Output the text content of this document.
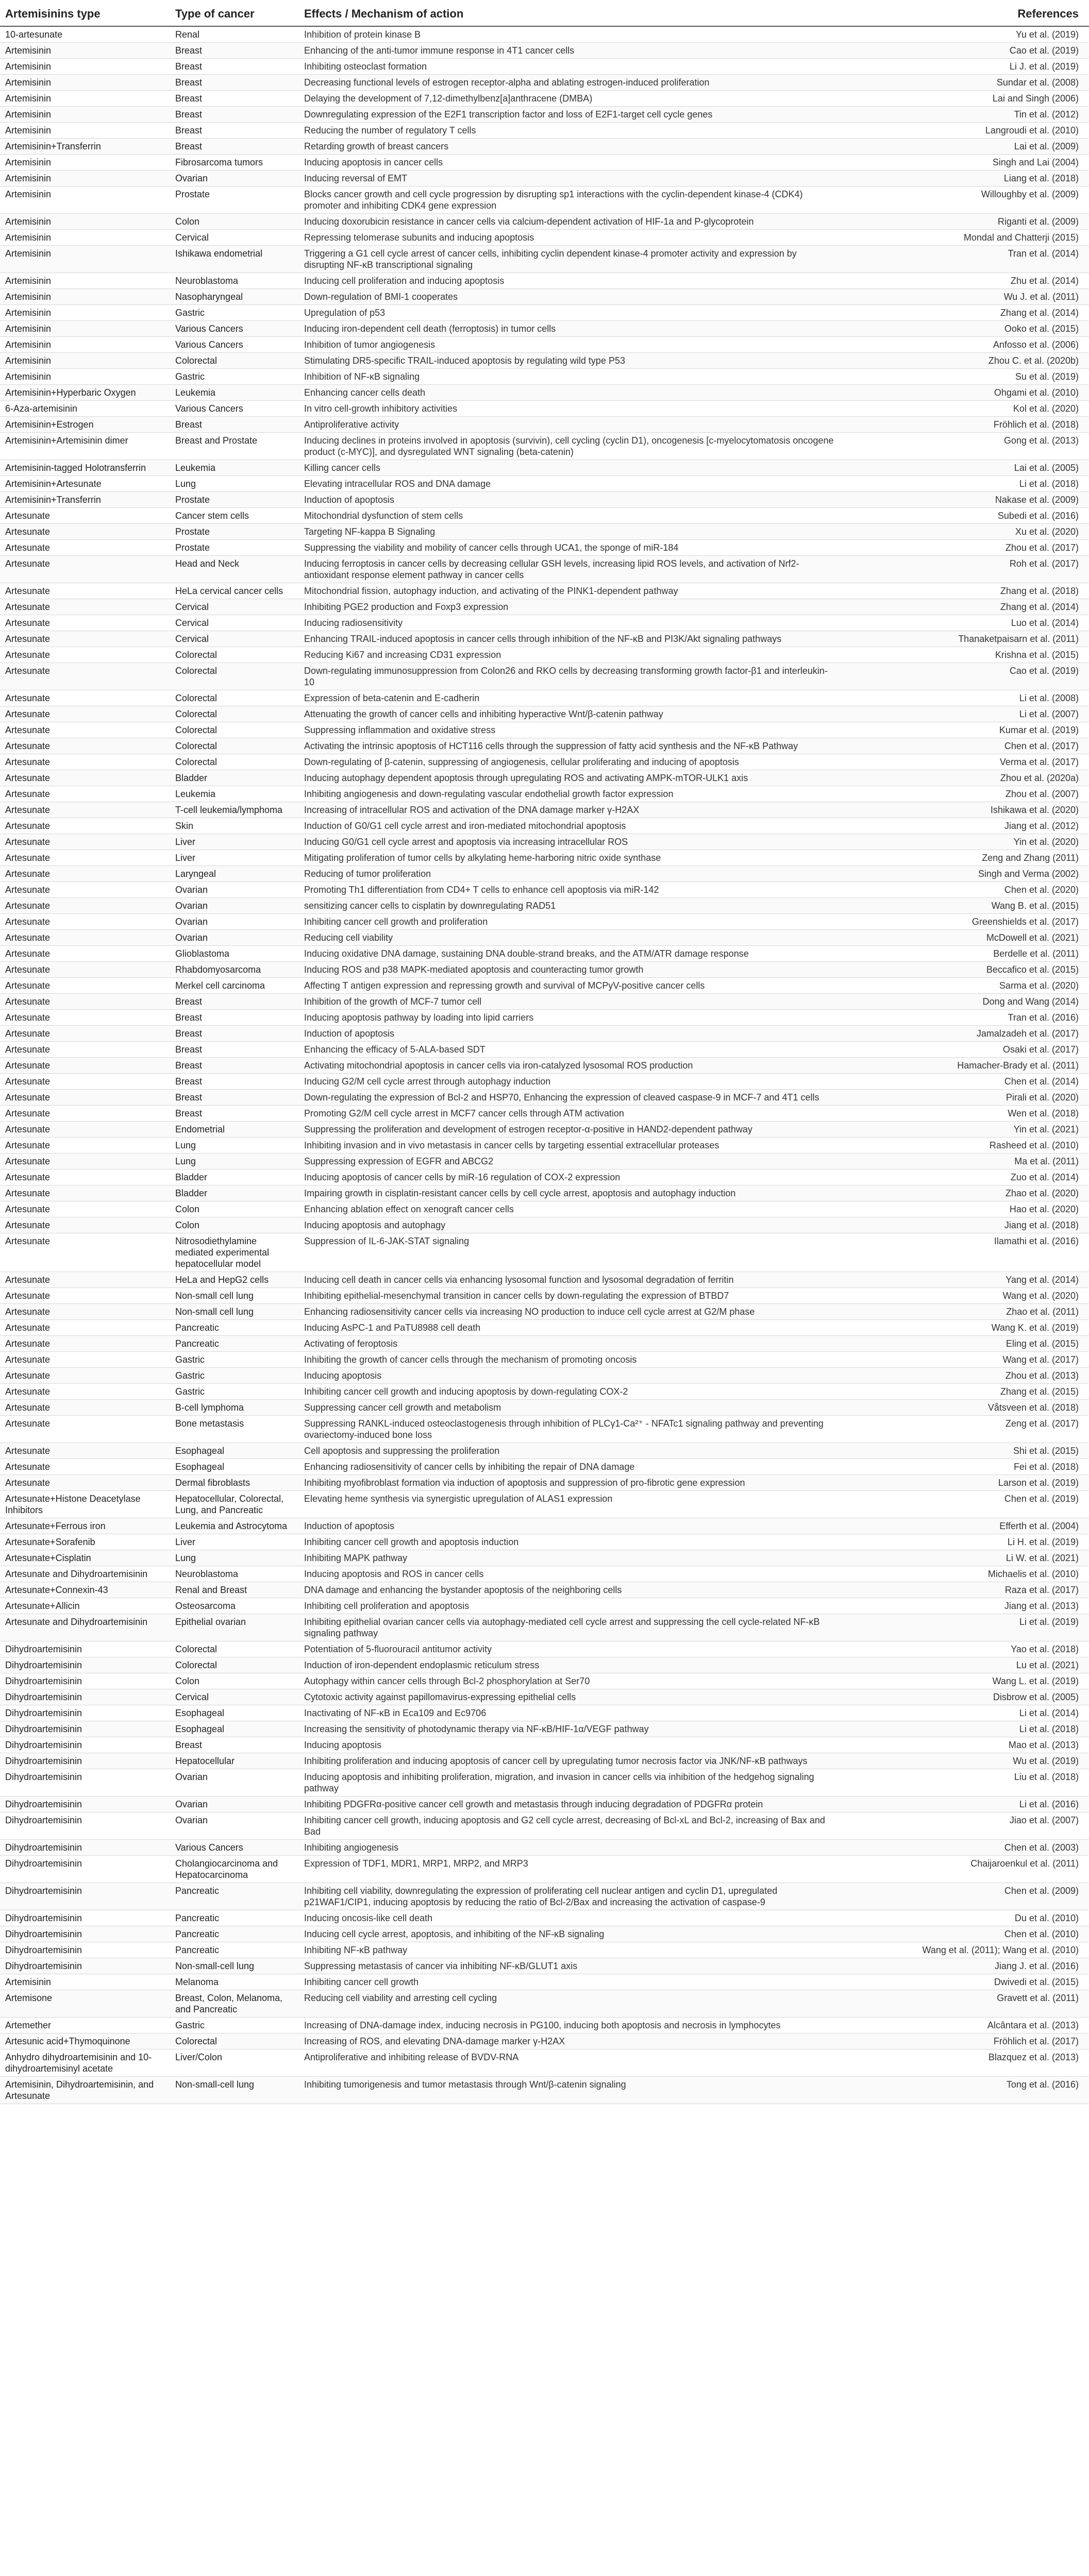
Artemisinins type	Type of cancer	Effects / Mechanism of action	References
10-artesunate	Renal	Inhibition of protein kinase B	Yu et al. (2019)
Artemisinin	Breast	Enhancing of the anti-tumor immune response in 4T1 cancer cells	Cao et al. (2019)
Artemisinin	Breast	Inhibiting osteoclast formation	Li J. et al. (2019)
Artemisinin	Breast	Decreasing functional levels of estrogen receptor-alpha and ablating estrogen-induced proliferation	Sundar et al. (2008)
Artemisinin	Breast	Delaying the development of 7,12-dimethylbenz[a]anthracene (DMBA)	Lai and Singh (2006)
Artemisinin	Breast	Downregulating expression of the E2F1 transcription factor and loss of E2F1-target cell cycle genes	Tin et al. (2012)
Artemisinin	Breast	Reducing the number of regulatory T cells	Langroudi et al. (2010)
Artemisinin+Transferrin	Breast	Retarding growth of breast cancers	Lai et al. (2009)
Artemisinin	Fibrosarcoma tumors	Inducing apoptosis in cancer cells	Singh and Lai (2004)
Artemisinin	Ovarian	Inducing reversal of EMT	Liang et al. (2018)
Artemisinin	Prostate	Blocks cancer growth and cell cycle progression by disrupting sp1 interactions with the cyclin-dependent kinase-4 (CDK4) promoter and inhibiting CDK4 gene expression	Willoughby et al. (2009)
Artemisinin	Colon	Inducing doxorubicin resistance in cancer cells via calcium-dependent activation of HIF-1a and P-glycoprotein	Riganti et al. (2009)
Artemisinin	Cervical	Repressing telomerase subunits and inducing apoptosis	Mondal and Chatterji (2015)
Artemisinin	Ishikawa endometrial	Triggering a G1 cell cycle arrest of cancer cells, inhibiting cyclin dependent kinase-4 promoter activity and expression by disrupting NF-κB transcriptional signaling	Tran et al. (2014)
Artemisinin	Neuroblastoma	Inducing cell proliferation and inducing apoptosis	Zhu et al. (2014)
Artemisinin	Nasopharyngeal	Down-regulation of BMI-1 cooperates	Wu J. et al. (2011)
Artemisinin	Gastric	Upregulation of p53	Zhang et al. (2014)
Artemisinin	Various Cancers	Inducing iron-dependent cell death (ferroptosis) in tumor cells	Ooko et al. (2015)
Artemisinin	Various Cancers	Inhibition of tumor angiogenesis	Anfosso et al. (2006)
Artemisinin	Colorectal	Stimulating DR5-specific TRAIL-induced apoptosis by regulating wild type P53	Zhou C. et al. (2020b)
Artemisinin	Gastric	Inhibition of NF-κB signaling	Su et al. (2019)
Artemisinin+Hyperbaric Oxygen	Leukemia	Enhancing cancer cells death	Ohgami et al. (2010)
6-Aza-artemisinin	Various Cancers	In vitro cell-growth inhibitory activities	Kol et al. (2020)
Artemisinin+Estrogen	Breast	Antiproliferative activity	Fröhlich et al. (2018)
Artemisinin+Artemisinin dimer	Breast and Prostate	Inducing declines in proteins involved in apoptosis (survivin), cell cycling (cyclin D1), oncogenesis [c-myelocytomatosis oncogene product (c-MYC)], and dysregulated WNT signaling (beta-catenin)	Gong et al. (2013)
Artemisinin-tagged Holotransferrin	Leukemia	Killing cancer cells	Lai et al. (2005)
Artemisinin+Artesunate	Lung	Elevating intracellular ROS and DNA damage	Li et al. (2018)
Artemisinin+Transferrin	Prostate	Induction of apoptosis	Nakase et al. (2009)
Artesunate	Cancer stem cells	Mitochondrial dysfunction of stem cells	Subedi et al. (2016)
Artesunate	Prostate	Targeting NF-kappa B Signaling	Xu et al. (2020)
Artesunate	Prostate	Suppressing the viability and mobility of cancer cells through UCA1, the sponge of miR-184	Zhou et al. (2017)
Artesunate	Head and Neck	Inducing ferroptosis in cancer cells by decreasing cellular GSH levels, increasing lipid ROS levels, and activation of Nrf2-antioxidant response element pathway in cancer cells	Roh et al. (2017)
Artesunate	HeLa cervical cancer cells	Mitochondrial fission, autophagy induction, and activating of the PINK1-dependent pathway	Zhang et al. (2018)
Artesunate	Cervical	Inhibiting PGE2 production and Foxp3 expression	Zhang et al. (2014)
Artesunate	Cervical	Inducing radiosensitivity	Luo et al. (2014)
Artesunate	Cervical	Enhancing TRAIL-induced apoptosis in cancer cells through inhibition of the NF-κB and PI3K/Akt signaling pathways	Thanaketpaisarn et al. (2011)
Artesunate	Colorectal	Reducing Ki67 and increasing CD31 expression	Krishna et al. (2015)
Artesunate	Colorectal	Down-regulating immunosuppression from Colon26 and RKO cells by decreasing transforming growth factor-β1 and interleukin-10	Cao et al. (2019)
Artesunate	Colorectal	Expression of beta-catenin and E-cadherin	Li et al. (2008)
Artesunate	Colorectal	Attenuating the growth of cancer cells and inhibiting hyperactive Wnt/β-catenin pathway	Li et al. (2007)
Artesunate	Colorectal	Suppressing inflammation and oxidative stress	Kumar et al. (2019)
Artesunate	Colorectal	Activating the intrinsic apoptosis of HCT116 cells through the suppression of fatty acid synthesis and the NF-κB Pathway	Chen et al. (2017)
Artesunate	Colorectal	Down-regulating of β-catenin, suppressing of angiogenesis, cellular proliferating and inducing of apoptosis	Verma et al. (2017)
Artesunate	Bladder	Inducing autophagy dependent apoptosis through upregulating ROS and activating AMPK-mTOR-ULK1 axis	Zhou et al. (2020a)
Artesunate	Leukemia	Inhibiting angiogenesis and down-regulating vascular endothelial growth factor expression	Zhou et al. (2007)
Artesunate	T-cell leukemia/lymphoma	Increasing of intracellular ROS and activation of the DNA damage marker γ-H2AX	Ishikawa et al. (2020)
Artesunate	Skin	Induction of G0/G1 cell cycle arrest and iron-mediated mitochondrial apoptosis	Jiang et al. (2012)
Artesunate	Liver	Inducing G0/G1 cell cycle arrest and apoptosis via increasing intracellular ROS	Yin et al. (2020)
Artesunate	Liver	Mitigating proliferation of tumor cells by alkylating heme-harboring nitric oxide synthase	Zeng and Zhang (2011)
Artesunate	Laryngeal	Reducing of tumor proliferation	Singh and Verma (2002)
Artesunate	Ovarian	Promoting Th1 differentiation from CD4+ T cells to enhance cell apoptosis via miR-142	Chen et al. (2020)
Artesunate	Ovarian	sensitizing cancer cells to cisplatin by downregulating RAD51	Wang B. et al. (2015)
Artesunate	Ovarian	Inhibiting cancer cell growth and proliferation	Greenshields et al. (2017)
Artesunate	Ovarian	Reducing cell viability	McDowell et al. (2021)
Artesunate	Glioblastoma	Inducing oxidative DNA damage, sustaining DNA double-strand breaks, and the ATM/ATR damage response	Berdelle et al. (2011)
Artesunate	Rhabdomyosarcoma	Inducing ROS and p38 MAPK-mediated apoptosis and counteracting tumor growth	Beccafico et al. (2015)
Artesunate	Merkel cell carcinoma	Affecting T antigen expression and repressing growth and survival of MCPyV-positive cancer cells	Sarma et al. (2020)
Artesunate	Breast	Inhibition of the growth of MCF-7 tumor cell	Dong and Wang (2014)
Artesunate	Breast	Inducing apoptosis pathway by loading into lipid carriers	Tran et al. (2016)
Artesunate	Breast	Induction of apoptosis	Jamalzadeh et al. (2017)
Artesunate	Breast	Enhancing the efficacy of 5-ALA-based SDT	Osaki et al. (2017)
Artesunate	Breast	Activating mitochondrial apoptosis in cancer cells via iron-catalyzed lysosomal ROS production	Hamacher-Brady et al. (2011)
Artesunate	Breast	Inducing G2/M cell cycle arrest through autophagy induction	Chen et al. (2014)
Artesunate	Breast	Down-regulating the expression of Bcl-2 and HSP70, Enhancing the expression of cleaved caspase-9 in MCF-7 and 4T1 cells	Pirali et al. (2020)
Artesunate	Breast	Promoting G2/M cell cycle arrest in MCF7 cancer cells through ATM activation	Wen et al. (2018)
Artesunate	Endometrial	Suppressing the proliferation and development of estrogen receptor-α-positive in HAND2-dependent pathway	Yin et al. (2021)
Artesunate	Lung	Inhibiting invasion and in vivo metastasis in cancer cells by targeting essential extracellular proteases	Rasheed et al. (2010)
Artesunate	Lung	Suppressing expression of EGFR and ABCG2	Ma et al. (2011)
Artesunate	Bladder	Inducing apoptosis of cancer cells by miR-16 regulation of COX-2 expression	Zuo et al. (2014)
Artesunate	Bladder	Impairing growth in cisplatin-resistant cancer cells by cell cycle arrest, apoptosis and autophagy induction	Zhao et al. (2020)
Artesunate	Colon	Enhancing ablation effect on xenograft cancer cells	Hao et al. (2020)
Artesunate	Colon	Inducing apoptosis and autophagy	Jiang et al. (2018)
Artesunate	Nitrosodiethylamine mediated experimental hepatocellular model	Suppression of IL-6-JAK-STAT signaling	Ilamathi et al. (2016)
Artesunate	HeLa and HepG2 cells	Inducing cell death in cancer cells via enhancing lysosomal function and lysosomal degradation of ferritin	Yang et al. (2014)
Artesunate	Non-small cell lung	Inhibiting epithelial-mesenchymal transition in cancer cells by down-regulating the expression of BTBD7	Wang et al. (2020)
Artesunate	Non-small cell lung	Enhancing radiosensitivity cancer cells via increasing NO production to induce cell cycle arrest at G2/M phase	Zhao et al. (2011)
Artesunate	Pancreatic	Inducing AsPC-1 and PaTU8988 cell death	Wang K. et al. (2019)
Artesunate	Pancreatic	Activating of feroptosis	Eling et al. (2015)
Artesunate	Gastric	Inhibiting the growth of cancer cells through the mechanism of promoting oncosis	Wang et al. (2017)
Artesunate	Gastric	Inducing apoptosis	Zhou et al. (2013)
Artesunate	Gastric	Inhibiting cancer cell growth and inducing apoptosis by down-regulating COX-2	Zhang et al. (2015)
Artesunate	B-cell lymphoma	Suppressing cancer cell growth and metabolism	Våtsveen et al. (2018)
Artesunate	Bone metastasis	Suppressing RANKL-induced osteoclastogenesis through inhibition of PLCγ1-Ca²⁺ - NFATc1 signaling pathway and preventing ovariectomy-induced bone loss	Zeng et al. (2017)
Artesunate	Esophageal	Cell apoptosis and suppressing the proliferation	Shi et al. (2015)
Artesunate	Esophageal	Enhancing radiosensitivity of cancer cells by inhibiting the repair of DNA damage	Fei et al. (2018)
Artesunate	Dermal fibroblasts	Inhibiting myofibroblast formation via induction of apoptosis and suppression of pro-fibrotic gene expression	Larson et al. (2019)
Artesunate+Histone Deacetylase Inhibitors	Hepatocellular, Colorectal, Lung, and Pancreatic	Elevating heme synthesis via synergistic upregulation of ALAS1 expression	Chen et al. (2019)
Artesunate+Ferrous iron	Leukemia and Astrocytoma	Induction of apoptosis	Efferth et al. (2004)
Artesunate+Sorafenib	Liver	Inhibiting cancer cell growth and apoptosis induction	Li H. et al. (2019)
Artesunate+Cisplatin	Lung	Inhibiting MAPK pathway	Li W. et al. (2021)
Artesunate and Dihydroartemisinin	Neuroblastoma	Inducing apoptosis and ROS in cancer cells	Michaelis et al. (2010)
Artesunate+Connexin-43	Renal and Breast	DNA damage and enhancing the bystander apoptosis of the neighboring cells	Raza et al. (2017)
Artesunate+Allicin	Osteosarcoma	Inhibiting cell proliferation and apoptosis	Jiang et al. (2013)
Artesunate and Dihydroartemisinin	Epithelial ovarian	Inhibiting epithelial ovarian cancer cells via autophagy-mediated cell cycle arrest and suppressing the cell cycle-related NF-κB signaling pathway	Li et al. (2019)
Dihydroartemisinin	Colorectal	Potentiation of 5-fluorouracil antitumor activity	Yao et al. (2018)
Dihydroartemisinin	Colorectal	Induction of iron-dependent endoplasmic reticulum stress	Lu et al. (2021)
Dihydroartemisinin	Colon	Autophagy within cancer cells through Bcl-2 phosphorylation at Ser70	Wang L. et al. (2019)
Dihydroartemisinin	Cervical	Cytotoxic activity against papillomavirus-expressing epithelial cells	Disbrow et al. (2005)
Dihydroartemisinin	Esophageal	Inactivating of NF-κB in Eca109 and Ec9706	Li et al. (2014)
Dihydroartemisinin	Esophageal	Increasing the sensitivity of photodynamic therapy via NF-κB/HIF-1α/VEGF pathway	Li et al. (2018)
Dihydroartemisinin	Breast	Inducing apoptosis	Mao et al. (2013)
Dihydroartemisinin	Hepatocellular	Inhibiting proliferation and inducing apoptosis of cancer cell by upregulating tumor necrosis factor via JNK/NF-κB pathways	Wu et al. (2019)
Dihydroartemisinin	Ovarian	Inducing apoptosis and inhibiting proliferation, migration, and invasion in cancer cells via inhibition of the hedgehog signaling pathway	Liu et al. (2018)
Dihydroartemisinin	Ovarian	Inhibiting PDGFRα-positive cancer cell growth and metastasis through inducing degradation of PDGFRα protein	Li et al. (2016)
Dihydroartemisinin	Ovarian	Inhibiting cancer cell growth, inducing apoptosis and G2 cell cycle arrest, decreasing of Bcl-xL and Bcl-2, increasing of Bax and Bad	Jiao et al. (2007)
Dihydroartemisinin	Various Cancers	Inhibiting angiogenesis	Chen et al. (2003)
Dihydroartemisinin	Cholangiocarcinoma and Hepatocarcinoma	Expression of TDF1, MDR1, MRP1, MRP2, and MRP3	Chaijaroenkul et al. (2011)
Dihydroartemisinin	Pancreatic	Inhibiting cell viability, downregulating the expression of proliferating cell nuclear antigen and cyclin D1, upregulated p21WAF1/CIP1, inducing apoptosis by reducing the ratio of Bcl-2/Bax and increasing the activation of caspase-9	Chen et al. (2009)
Dihydroartemisinin	Pancreatic	Inducing oncosis-like cell death	Du et al. (2010)
Dihydroartemisinin	Pancreatic	Inducing cell cycle arrest, apoptosis, and inhibiting of the NF-κB signaling	Chen et al. (2010)
Dihydroartemisinin	Pancreatic	Inhibiting NF-κB pathway	Wang et al. (2011); Wang et al. (2010)
Dihydroartemisinin	Non-small-cell lung	Suppressing metastasis of cancer via inhibiting NF-κB/GLUT1 axis	Jiang J. et al. (2016)
Artemisinin	Melanoma	Inhibiting cancer cell growth	Dwivedi et al. (2015)
Artemisone	Breast, Colon, Melanoma, and Pancreatic	Reducing cell viability and arresting cell cycling	Gravett et al. (2011)
Artemether	Gastric	Increasing of DNA-damage index, inducing necrosis in PG100, inducing both apoptosis and necrosis in lymphocytes	Alcântara et al. (2013)
Artesunic acid+Thymoquinone	Colorectal	Increasing of ROS, and elevating DNA-damage marker γ-H2AX	Fröhlich et al. (2017)
Anhydro dihydroartemisinin and 10-dihydroartemisinyl acetate	Liver/Colon	Antiproliferative and inhibiting release of BVDV-RNA	Blazquez et al. (2013)
Artemisinin, Dihydroartemisinin, and Artesunate	Non-small-cell lung	Inhibiting tumorigenesis and tumor metastasis through Wnt/β-catenin signaling	Tong et al. (2016)
